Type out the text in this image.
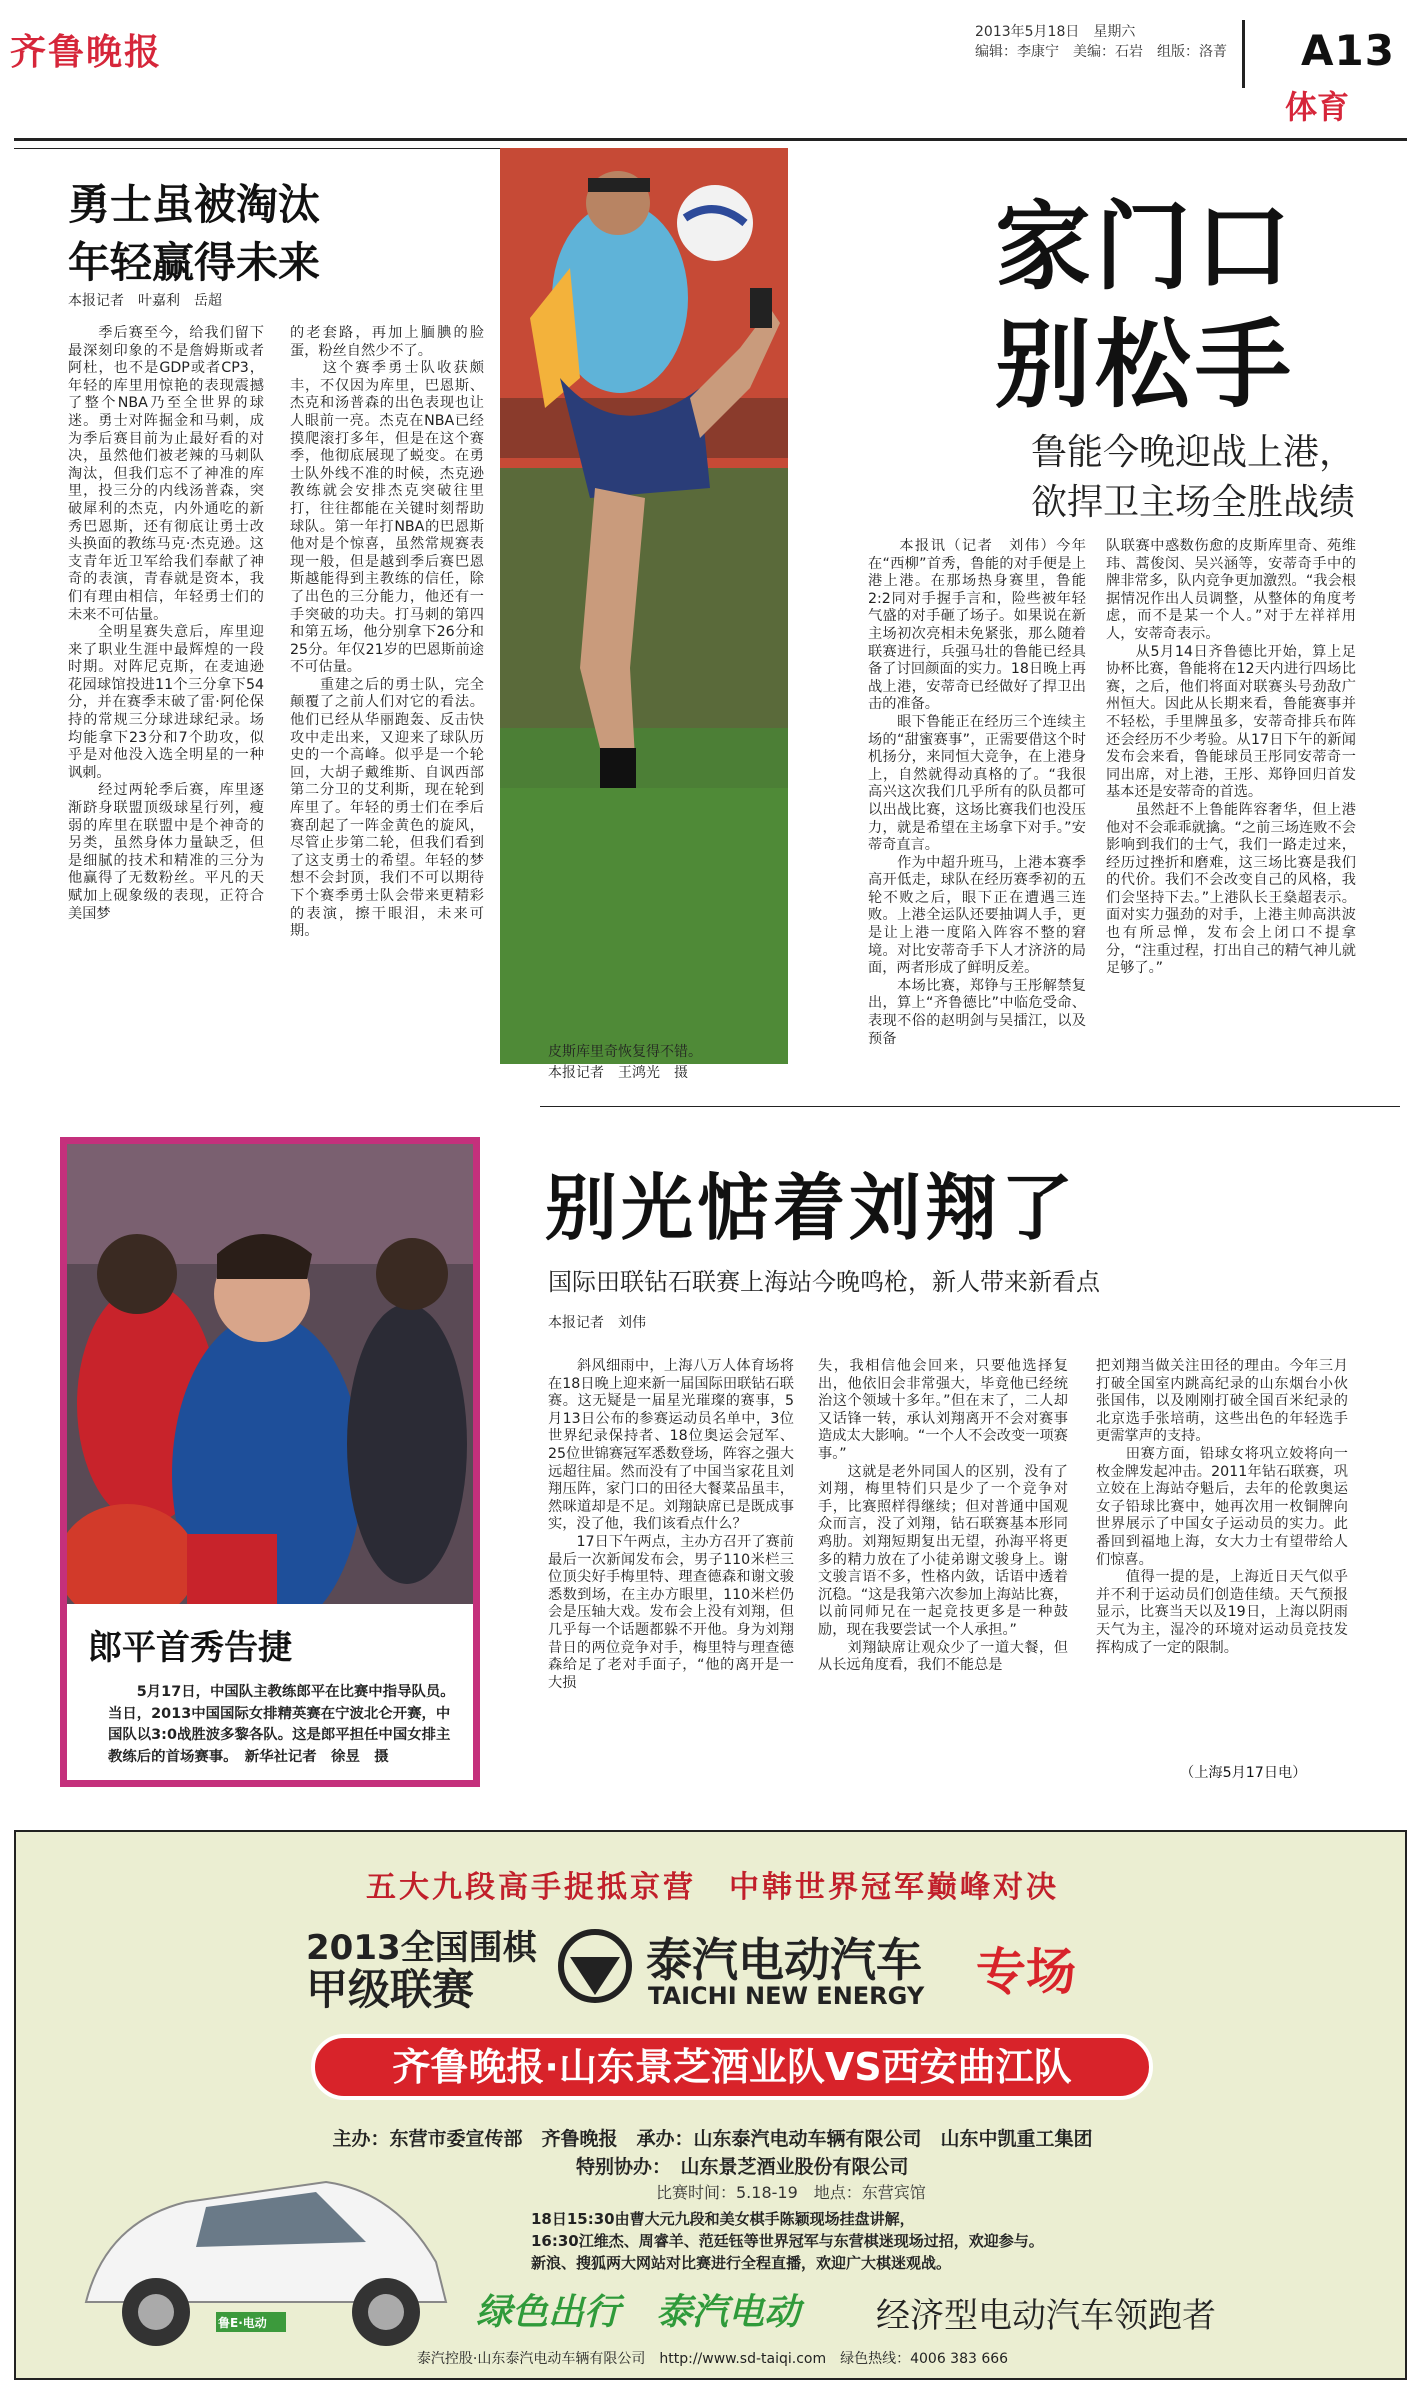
齐鲁晚报	2013年5月18日　星期六
编辑：李康宁　美编：石岩　组版：洛菁 A13
体育
勇士虽被淘汰
年轻赢得未来
本报记者　叶嘉利　岳超
　　季后赛至今，给我们留下最深刻印象的不是詹姆斯或者阿杜，也不是GDP或者CP3，年轻的库里用惊艳的表现震撼了整个NBA乃至全世界的球迷。勇士对阵掘金和马刺，成为季后赛目前为止最好看的对决，虽然他们被老辣的马刺队淘汰，但我们忘不了神准的库里，投三分的内线汤普森，突破犀利的杰克，内外通吃的新秀巴恩斯，还有彻底让勇士改头换面的教练马克·杰克逊。这支青年近卫军给我们奉献了神奇的表演，青春就是资本，我们有理由相信，年轻勇士们的未来不可估量。
　　全明星赛失意后，库里迎来了职业生涯中最辉煌的一段时期。对阵尼克斯，在麦迪逊花园球馆投进11个三分拿下54分，并在赛季末破了雷·阿伦保持的常规三分球进球纪录。场均能拿下23分和7个助攻，似乎是对他没入选全明星的一种讽刺。
　　经过两轮季后赛，库里逐渐跻身联盟顶级球星行列，瘦弱的库里在联盟中是个神奇的另类，虽然身体力量缺乏，但是细腻的技术和精准的三分为他赢得了无数粉丝。平凡的天赋加上砚象级的表现，正符合美国梦
的老套路，再加上腼腆的脸蛋，粉丝自然少不了。
　　这个赛季勇士队收获颇丰，不仅因为库里，巴恩斯、杰克和汤普森的出色表现也让人眼前一亮。杰克在NBA已经摸爬滚打多年，但是在这个赛季，他彻底展现了蜕变。在勇士队外线不准的时候，杰克逊教练就会安排杰克突破往里打，往往都能在关键时刻帮助球队。第一年打NBA的巴恩斯他对是个惊喜，虽然常规赛表现一般，但是越到季后赛巴恩斯越能得到主教练的信任，除了出色的三分能力，他还有一手突破的功夫。打马刺的第四和第五场，他分别拿下26分和25分。年仅21岁的巴恩斯前途不可估量。
　　重建之后的勇士队，完全颠覆了之前人们对它的看法。他们已经从华丽跑轰、反击快攻中走出来，又迎来了球队历史的一个高峰。似乎是一个轮回，大胡子戴维斯、自讽西部第二分卫的艾利斯，现在轮到库里了。年轻的勇士们在季后赛刮起了一阵金黄色的旋风，尽管止步第二轮，但我们看到了这支勇士的希望。年轻的梦想不会封顶，我们不可以期待下个赛季勇士队会带来更精彩的表演，擦干眼泪，未来可期。
皮斯库里奇恢复得不错。
本报记者　王鸿光　摄
家门口
别松手
鲁能今晚迎战上港，
欲捍卫主场全胜战绩
　　本报讯（记者　刘伟）今年在“西柳”首秀，鲁能的对手便是上港上港。在那场热身赛里，鲁能2:2同对手握手言和，险些被年轻气盛的对手砸了场子。如果说在新主场初次亮相未免紧张，那么随着联赛进行，兵强马壮的鲁能已经具备了讨回颜面的实力。18日晚上再战上港，安蒂奇已经做好了捍卫出击的准备。
　　眼下鲁能正在经历三个连续主场的“甜蜜赛事”，正需要借这个时机扬分，来同恒大竞争，在上港身上，自然就得动真格的了。“我很高兴这次我们几乎所有的队员都可以出战比赛，这场比赛我们也没压力，就是希望在主场拿下对手。”安蒂奇直言。
　　作为中超升班马，上港本赛季高开低走，球队在经历赛季初的五轮不败之后，眼下正在遭遇三连败。上港全运队还要抽调人手，更是让上港一度陷入阵容不整的窘境。对比安蒂奇手下人才济济的局面，两者形成了鲜明反差。
　　本场比赛，郑铮与王彤解禁复出，算上“齐鲁德比”中临危受命、表现不俗的赵明剑与吴擂江，以及预备
队联赛中惑数伤愈的皮斯库里奇、苑维玮、蒿俊闵、吴兴涵等，安蒂奇手中的牌非常多，队内竞争更加激烈。“我会根据情况作出人员调整，从整体的角度考虑，而不是某一个人。”对于左祥祥用人，安蒂奇表示。
　　从5月14日齐鲁德比开始，算上足协杯比赛，鲁能将在12天内进行四场比赛，之后，他们将面对联赛头号劲敌广州恒大。因此从长期来看，鲁能赛事并不轻松，手里牌虽多，安蒂奇排兵布阵还会经历不少考验。从17日下午的新闻发布会来看，鲁能球员王彤同安蒂奇一同出席，对上港，王彤、郑铮回归首发基本还是安蒂奇的首选。
　　虽然赶不上鲁能阵容奢华，但上港他对不会乖乖就擒。“之前三场连败不会影响到我们的士气，我们一路走过来，经历过挫折和磨难，这三场比赛是我们的代价。我们不会改变自己的风格，我们会坚持下去。”上港队长王燊超表示。面对实力强劲的对手，上港主帅高洪波也有所忌惮，发布会上闭口不提拿分，“注重过程，打出自己的精气神儿就足够了。”
别光惦着刘翔了
国际田联钻石联赛上海站今晚鸣枪，新人带来新看点
本报记者　刘伟
　　斜风细雨中，上海八万人体育场将在18日晚上迎来新一届国际田联钻石联赛。这无疑是一届星光璀璨的赛事，5月13日公布的参赛运动员名单中，3位世界纪录保持者、18位奥运会冠军、25位世锦赛冠军悉数登场，阵容之强大远超往届。然而没有了中国当家花且刘翔压阵，家门口的田径大餐菜品虽丰，然咪道却是不足。刘翔缺席已是既成事实，没了他，我们该看点什么？
　　17日下午两点，主办方召开了赛前最后一次新闻发布会，男子110米栏三位顶尖好手梅里特、理查德森和谢文骏悉数到场，在主办方眼里，110米栏仍会是压轴大戏。发布会上没有刘翔，但几乎每一个话题都躲不开他。身为刘翔昔日的两位竞争对手，梅里特与理查德森给足了老对手面子，“他的离开是一大损
失，我相信他会回来，只要他选择复出，他依旧会非常强大，毕竟他已经统治这个领域十多年。”但在末了，二人却又话锋一转，承认刘翔离开不会对赛事造成太大影响。“一个人不会改变一项赛事。”
　　这就是老外同国人的区别，没有了刘翔，梅里特们只是少了一个竞争对手，比赛照样得继续；但对普通中国观众而言，没了刘翔，钻石联赛基本形同鸡肋。刘翔短期复出无望，孙海平将更多的精力放在了小徒弟谢文骏身上。谢文骏言语不多，性格内敛，话语中透着沉稳。“这是我第六次参加上海站比赛，以前同师兄在一起竞技更多是一种鼓励，现在我要尝试一个人承担。”
　　刘翔缺席让观众少了一道大餐，但从长远角度看，我们不能总是
把刘翔当做关注田径的理由。今年三月打破全国室内跳高纪录的山东烟台小伙张国伟，以及刚刚打破全国百米纪录的北京选手张培萌，这些出色的年轻选手更需掌声的支持。
　　田赛方面，铅球女将巩立姣将向一枚金牌发起冲击。2011年钻石联赛，巩立姣在上海站夺魁后，去年的伦敦奥运女子铅球比赛中，她再次用一枚铜牌向世界展示了中国女子运动员的实力。此番回到福地上海，女大力士有望带给人们惊喜。
　　值得一提的是，上海近日天气似乎并不利于运动员们创造佳绩。天气预报显示，比赛当天以及19日，上海以阴雨天气为主，湿冷的环境对运动员竞技发挥构成了一定的限制。
（上海5月17日电）
郎平首秀告捷
　　5月17日，中国队主教练郎平在比赛中指导队员。当日，2013中国国际女排精英赛在宁波北仑开赛，中国队以3:0战胜波多黎各队。这是郎平担任中国女排主教练后的首场赛事。　新华社记者　徐昱　摄
五大九段高手捉抵京营　中韩世界冠军巅峰对决
2013全国围棋
甲级联赛
泰汽电动汽车
TAICHI NEW ENERGY 专场
齐鲁晚报·山东景芝酒业队VS西安曲江队
主办：东营市委宣传部　齐鲁晚报　承办：山东泰汽电动车辆有限公司　山东中凯重工集团
特别协办：　山东景芝酒业股份有限公司
比赛时间：5.18-19　地点：东营宾馆
18日15:30由曹大元九段和美女棋手陈颖现场挂盘讲解，
16:30江维杰、周睿羊、范廷钰等世界冠军与东营棋迷现场过招，欢迎参与。
新浪、搜狐两大网站对比赛进行全程直播，欢迎广大棋迷观战。
鲁E·电动	绿色出行　泰汽电动 经济型电动汽车领跑者
泰汽控股·山东泰汽电动车辆有限公司　http://www.sd-taiqi.com　绿色热线：4006 383 666
